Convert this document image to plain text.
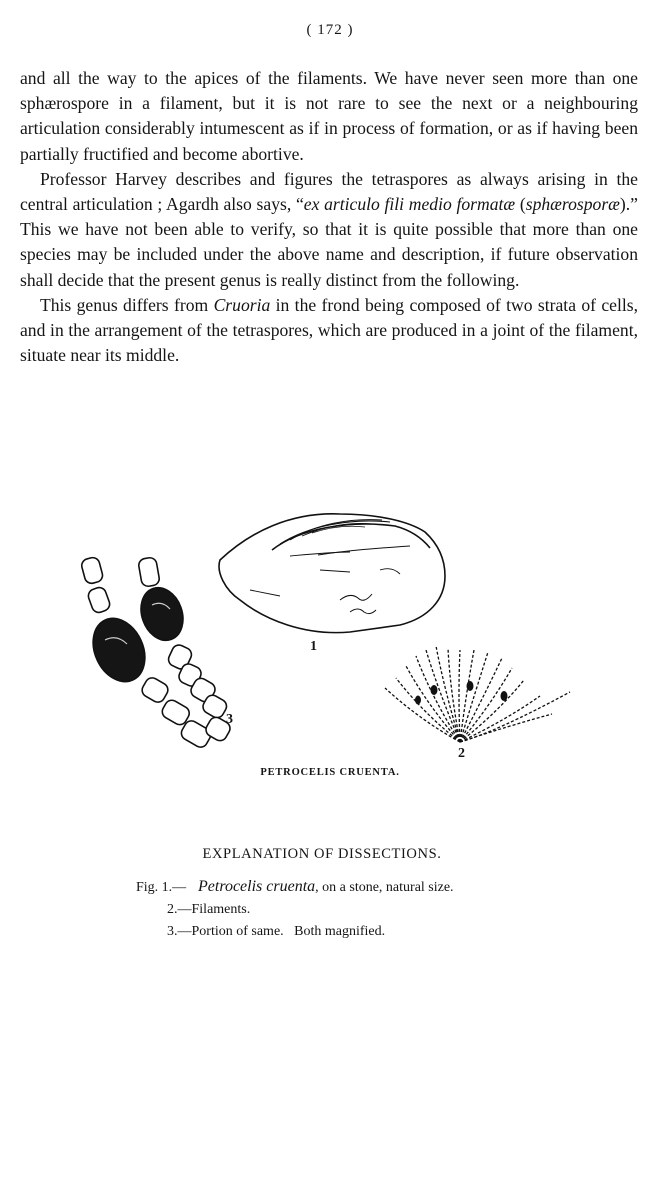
( 172 )

and all the way to the apices of the filaments. We have never seen more than one sphærospore in a filament, but it is not rare to see the next or a neighbouring articulation considerably intumescent as if in process of formation, or as if having been partially fructified and become abortive.

Professor Harvey describes and figures the tetraspores as always arising in the central articulation ; Agardh also says, “ex articulo fili medio formatæ (sphærosporæ).” This we have not been able to verify, so that it is quite possible that more than one species may be included under the above name and description, if future observation shall decide that the present genus is really distinct from the following.

This genus differs from Cruoria in the frond being composed of two strata of cells, and in the arrangement of the tetraspores, which are produced in a joint of the filament, situate near its middle.

1
2
3
PETROCELIS CRUENTA.
EXPLANATION OF DISSECTIONS.
Fig. 1.— Petrocelis cruenta, on a stone, natural size.
2.—Filaments.
3.—Portion of same.   Both magnified.
